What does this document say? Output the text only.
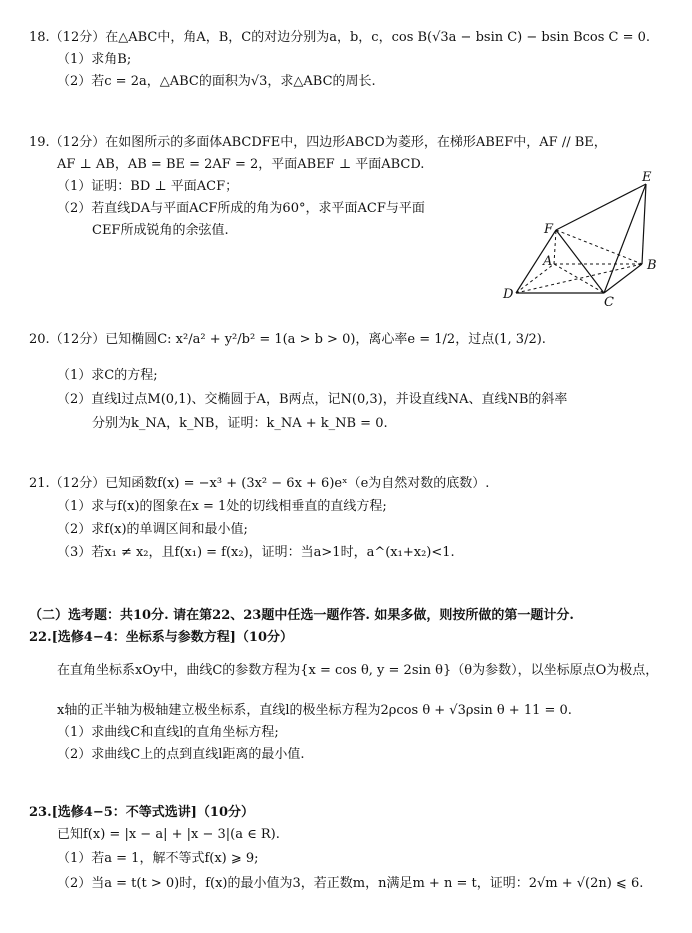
18.（12分）在△ABC中，角A，B，C的对边分别为a，b，c，cos B(√3a − bsin C) − bsin Bcos C = 0.
（1）求角B;
（2）若c = 2a，△ABC的面积为√3，求△ABC的周长.
19.（12分）在如图所示的多面体ABCDFE中，四边形ABCD为菱形，在梯形ABEF中，AF // BE，
AF ⊥ AB，AB = BE = 2AF = 2，平面ABEF ⊥ 平面ABCD.
（1）证明：BD ⊥ 平面ACF；
（2）若直线DA与平面ACF所成的角为60°，求平面ACF与平面
CEF所成锐角的余弦值.
E
F
A	B
C
D
20.（12分）已知椭圆C: x²/a² + y²/b² = 1(a > b > 0)，离心率e = 1/2，过点(1, 3/2).
（1）求C的方程;
（2）直线l过点M(0,1)、交椭圆于A，B两点，记N(0,3)，并设直线NA、直线NB的斜率
分别为k_NA，k_NB，证明：k_NA + k_NB = 0.
21.（12分）已知函数f(x) = −x³ + (3x² − 6x + 6)eˣ（e为自然对数的底数）.
（1）求与f(x)的图象在x = 1处的切线相垂直的直线方程;
（2）求f(x)的单调区间和最小值;
（3）若x₁ ≠ x₂，且f(x₁) = f(x₂)，证明：当a>1时，a^(x₁+x₂)<1.
（二）选考题：共10分. 请在第22、23题中任选一题作答. 如果多做，则按所做的第一题计分.
22.[选修4−4：坐标系与参数方程]（10分）
在直角坐标系xOy中，曲线C的参数方程为{x = cos θ, y = 2sin θ}（θ为参数），以坐标原点O为极点，
x轴的正半轴为极轴建立极坐标系，直线l的极坐标方程为2ρcos θ + √3ρsin θ + 11 = 0.
（1）求曲线C和直线l的直角坐标方程;
（2）求曲线C上的点到直线l距离的最小值.
23.[选修4−5：不等式选讲]（10分）
已知f(x) = |x − a| + |x − 3|(a ∈ R).
（1）若a = 1，解不等式f(x) ⩾ 9;
（2）当a = t(t > 0)时，f(x)的最小值为3，若正数m，n满足m + n = t，证明：2√m + √(2n) ⩽ 6.
